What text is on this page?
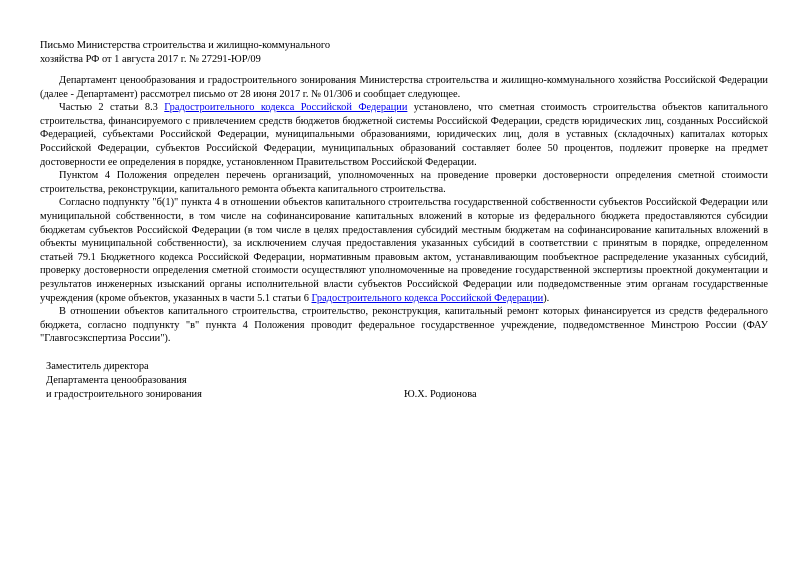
Письмо Министерства строительства и жилищно-коммунального
хозяйства РФ от 1 августа 2017 г. № 27291-ЮР/09

Департамент ценообразования и градостроительного зонирования Министерства строительства и жилищно-коммунального хозяйства Российской Федерации (далее - Департамент) рассмотрел письмо от 28 июня 2017 г. № 01/306 и сообщает следующее.

Частью 2 статьи 8.3 Градостроительного кодекса Российской Федерации установлено, что сметная стоимость строительства объектов капитального строительства, финансируемого с привлечением средств бюджетов бюджетной системы Российской Федерации, средств юридических лиц, созданных Российской Федерацией, субъектами Российской Федерации, муниципальными образованиями, юридических лиц, доля в уставных (складочных) капиталах которых Российской Федерации, субъектов Российской Федерации, муниципальных образований составляет более 50 процентов, подлежит проверке на предмет достоверности ее определения в порядке, установленном Правительством Российской Федерации.

Пунктом 4 Положения определен перечень организаций, уполномоченных на проведение проверки достоверности определения сметной стоимости строительства, реконструкции, капитального ремонта объекта капитального строительства.

Согласно подпункту "б(1)" пункта 4 в отношении объектов капитального строительства государственной собственности субъектов Российской Федерации или муниципальной собственности, в том числе на софинансирование капитальных вложений в которые из федерального бюджета предоставляются субсидии бюджетам субъектов Российской Федерации (в том числе в целях предоставления субсидий местным бюджетам на софинансирование капитальных вложений в объекты муниципальной собственности), за исключением случая предоставления указанных субсидий в соответствии с принятым в порядке, определенном статьей 79.1 Бюджетного кодекса Российской Федерации, нормативным правовым актом, устанавливающим пообъектное распределение указанных субсидий, проверку достоверности определения сметной стоимости осуществляют уполномоченные на проведение государственной экспертизы проектной документации и результатов инженерных изысканий органы исполнительной власти субъектов Российской Федерации или подведомственные этим органам государственные учреждения (кроме объектов, указанных в части 5.1 статьи 6 Градостроительного кодекса Российской Федерации).

В отношении объектов капитального строительства, строительство, реконструкция, капитальный ремонт которых финансируется из средств федерального бюджета, согласно подпункту "в" пункта 4 Положения проводит федеральное государственное учреждение, подведомственное Минстрою России (ФАУ "Главгосэкспертиза России").

Заместитель директора
Департамента ценообразования
и градостроительного зонирования	Ю.Х. Родионова
